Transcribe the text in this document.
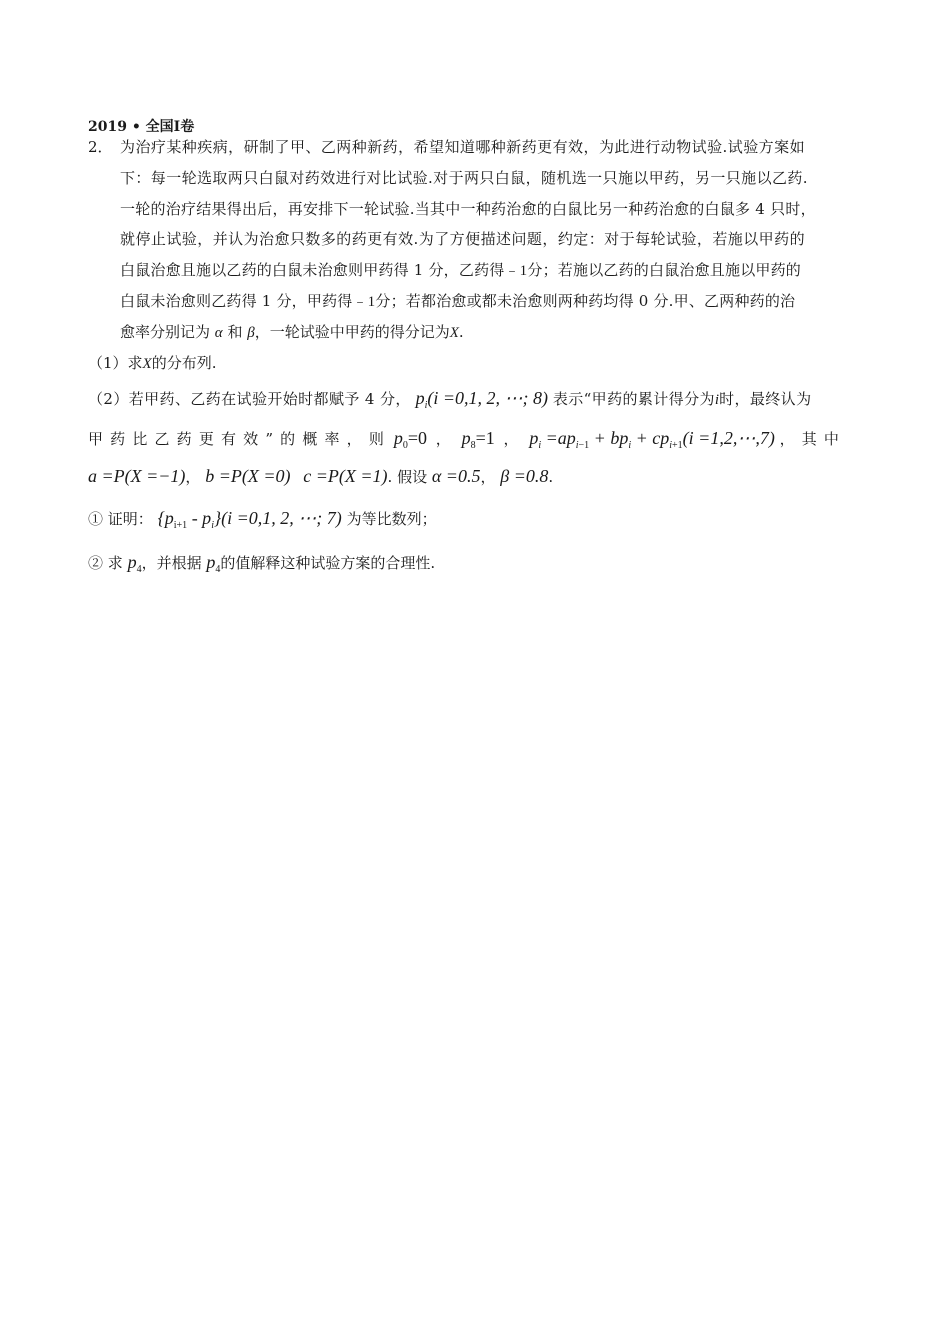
2019 • 全国Ⅰ卷
2． 为治疗某种疾病，研制了甲、乙两种新药，希望知道哪种新药更有效，为此进行动物试验.试验方案如
下：每一轮选取两只白鼠对药效进行对比试验.对于两只白鼠，随机选一只施以甲药，另一只施以乙药.
一轮的治疗结果得出后，再安排下一轮试验.当其中一种药治愈的白鼠比另一种药治愈的白鼠多 4 只时，
就停止试验，并认为治愈只数多的药更有效.为了方便描述问题，约定：对于每轮试验，若施以甲药的
白鼠治愈且施以乙药的白鼠未治愈则甲药得 1 分，乙药得﹣1分；若施以乙药的白鼠治愈且施以甲药的
白鼠未治愈则乙药得 1 分，甲药得﹣1分；若都治愈或都未治愈则两种药均得 0 分.甲、乙两种药的治
愈率分别记为 α 和 β，一轮试验中甲药的得分记为X.
（1）求X的分布列.
（2）若甲药、乙药在试验开始时都赋予 4 分， $p_i(i =0,1$, 2, ⋯; 8) 表示“甲药的累计得分为i时，最终认为
甲 药 比 乙 药 更 有 效 ” 的 概 率 ， 则 $p_0=0$ ， $p_8=1$ ， $p_i =ap_{i-1} + bp_i + cp_{i+1}(i$ =1,2,⋯,7) ， 其 中
a =P(X =−1)， b =P(X =0) c =P(X =1). 假设 α =0.5， β =0.8.
① 证明： $\{p_{i+1} - p_i\}(i =0,1$, 2, ⋯; 7) 为等比数列；
② 求 $p_4$，并根据 $p_4$的值解释这种试验方案的合理性.
